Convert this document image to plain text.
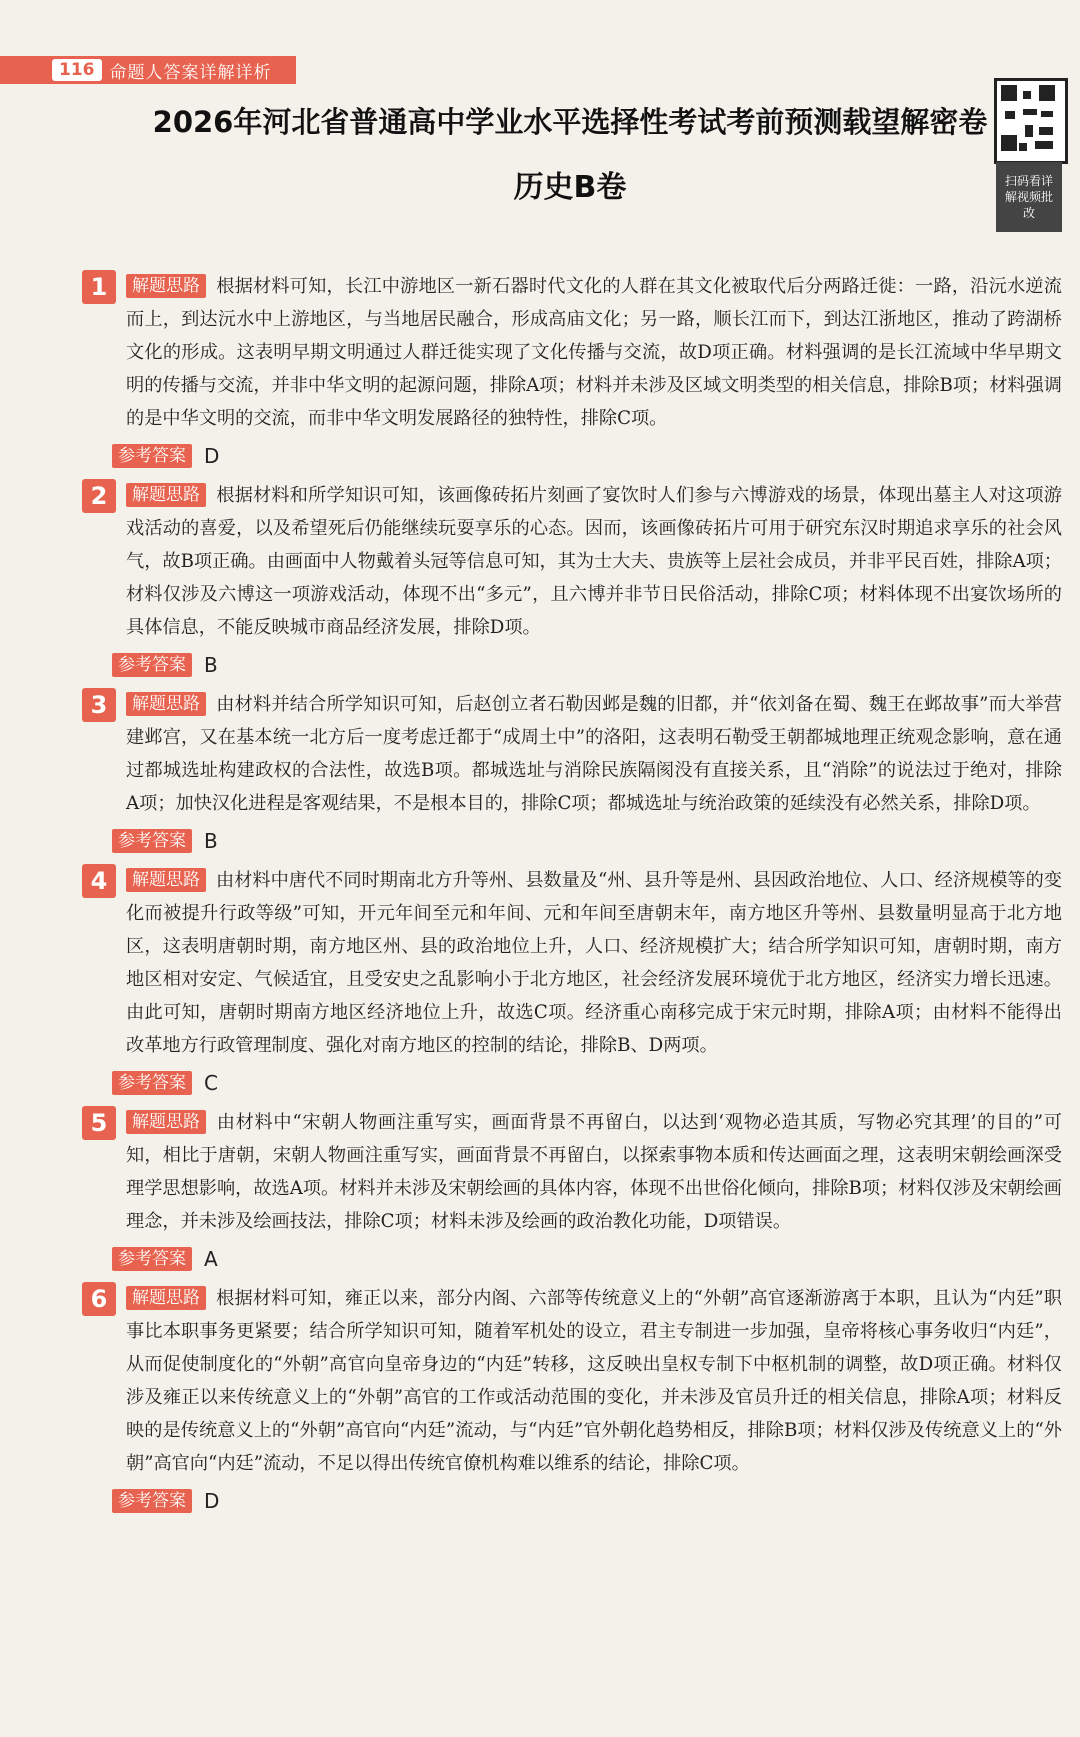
116 命题人答案详解详析
扫码看详解视频批改
2026年河北省普通高中学业水平选择性考试考前预测载望解密卷
历史B卷
1	解题思路 根据材料可知，长江中游地区一新石器时代文化的人群在其文化被取代后分两路迁徙：一路，沿沅水逆流而上，到达沅水中上游地区，与当地居民融合，形成高庙文化；另一路，顺长江而下，到达江浙地区，推动了跨湖桥文化的形成。这表明早期文明通过人群迁徙实现了文化传播与交流，故D项正确。材料强调的是长江流域中华早期文明的传播与交流，并非中华文明的起源问题，排除A项；材料并未涉及区域文明类型的相关信息，排除B项；材料强调的是中华文明的交流，而非中华文明发展路径的独特性，排除C项。
参考答案 D
2	解题思路 根据材料和所学知识可知，该画像砖拓片刻画了宴饮时人们参与六博游戏的场景，体现出墓主人对这项游戏活动的喜爱，以及希望死后仍能继续玩耍享乐的心态。因而，该画像砖拓片可用于研究东汉时期追求享乐的社会风气，故B项正确。由画面中人物戴着头冠等信息可知，其为士大夫、贵族等上层社会成员，并非平民百姓，排除A项；材料仅涉及六博这一项游戏活动，体现不出“多元”，且六博并非节日民俗活动，排除C项；材料体现不出宴饮场所的具体信息，不能反映城市商品经济发展，排除D项。
参考答案 B
3	解题思路 由材料并结合所学知识可知，后赵创立者石勒因邺是魏的旧都，并“依刘备在蜀、魏王在邺故事”而大举营建邺宫，又在基本统一北方后一度考虑迁都于“成周土中”的洛阳，这表明石勒受王朝都城地理正统观念影响，意在通过都城选址构建政权的合法性，故选B项。都城选址与消除民族隔阂没有直接关系，且“消除”的说法过于绝对，排除A项；加快汉化进程是客观结果，不是根本目的，排除C项；都城选址与统治政策的延续没有必然关系，排除D项。
参考答案 B
4	解题思路 由材料中唐代不同时期南北方升等州、县数量及“州、县升等是州、县因政治地位、人口、经济规模等的变化而被提升行政等级”可知，开元年间至元和年间、元和年间至唐朝末年，南方地区升等州、县数量明显高于北方地区，这表明唐朝时期，南方地区州、县的政治地位上升，人口、经济规模扩大；结合所学知识可知，唐朝时期，南方地区相对安定、气候适宜，且受安史之乱影响小于北方地区，社会经济发展环境优于北方地区，经济实力增长迅速。由此可知，唐朝时期南方地区经济地位上升，故选C项。经济重心南移完成于宋元时期，排除A项；由材料不能得出改革地方行政管理制度、强化对南方地区的控制的结论，排除B、D两项。
参考答案 C
5	解题思路 由材料中“宋朝人物画注重写实，画面背景不再留白，以达到‘观物必造其质，写物必究其理’的目的”可知，相比于唐朝，宋朝人物画注重写实，画面背景不再留白，以探索事物本质和传达画面之理，这表明宋朝绘画深受理学思想影响，故选A项。材料并未涉及宋朝绘画的具体内容，体现不出世俗化倾向，排除B项；材料仅涉及宋朝绘画理念，并未涉及绘画技法，排除C项；材料未涉及绘画的政治教化功能，D项错误。
参考答案 A
6	解题思路 根据材料可知，雍正以来，部分内阁、六部等传统意义上的“外朝”高官逐渐游离于本职，且认为“内廷”职事比本职事务更紧要；结合所学知识可知，随着军机处的设立，君主专制进一步加强，皇帝将核心事务收归“内廷”，从而促使制度化的“外朝”高官向皇帝身边的“内廷”转移，这反映出皇权专制下中枢机制的调整，故D项正确。材料仅涉及雍正以来传统意义上的“外朝”高官的工作或活动范围的变化，并未涉及官员升迁的相关信息，排除A项；材料反映的是传统意义上的“外朝”高官向“内廷”流动，与“内廷”官外朝化趋势相反，排除B项；材料仅涉及传统意义上的“外朝”高官向“内廷”流动，不足以得出传统官僚机构难以维系的结论，排除C项。
参考答案 D
